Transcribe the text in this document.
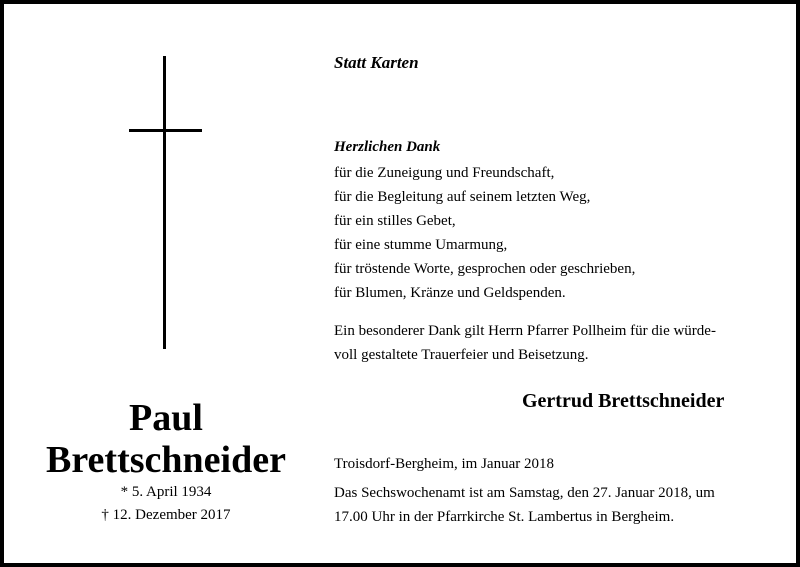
Paul
Brettschneider
* 5. April 1934
† 12. Dezember 2017
Statt Karten
Herzlichen Dank
für die Zuneigung und Freundschaft,
für die Begleitung auf seinem letzten Weg,
für ein stilles Gebet,
für eine stumme Umarmung,
für tröstende Worte, gesprochen oder geschrieben,
für Blumen, Kränze und Geldspenden.
Ein besonderer Dank gilt Herrn Pfarrer Pollheim für die würde-
voll gestaltete Trauerfeier und Beisetzung.
Gertrud Brettschneider
Troisdorf-Bergheim, im Januar 2018
Das Sechswochenamt ist am Samstag, den 27. Januar 2018, um
17.00 Uhr in der Pfarrkirche St. Lambertus in Bergheim.
